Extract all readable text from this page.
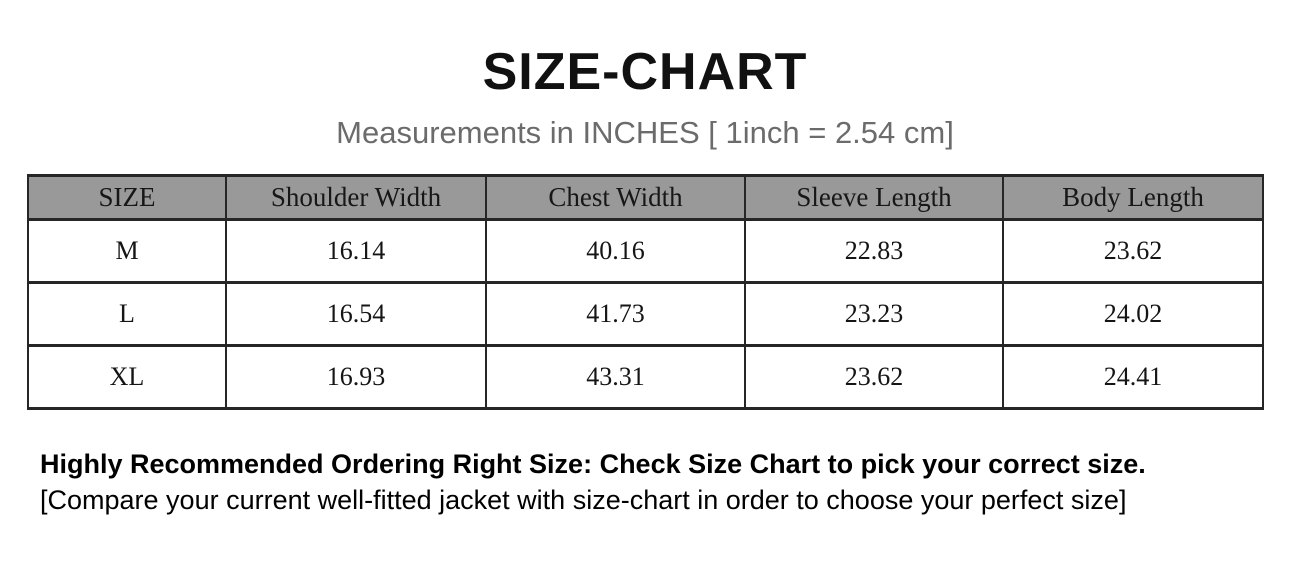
SIZE-CHART
Measurements in INCHES [ 1inch = 2.54 cm]
SIZE	Shoulder Width	Chest Width	Sleeve Length	Body Length
M	16.14	40.16	22.83	23.62
L	16.54	41.73	23.23	24.02
XL	16.93	43.31	23.62	24.41
Highly Recommended Ordering Right Size: Check Size Chart to pick your correct size.
[Compare your current well-fitted jacket with size-chart in order to choose your perfect size]
